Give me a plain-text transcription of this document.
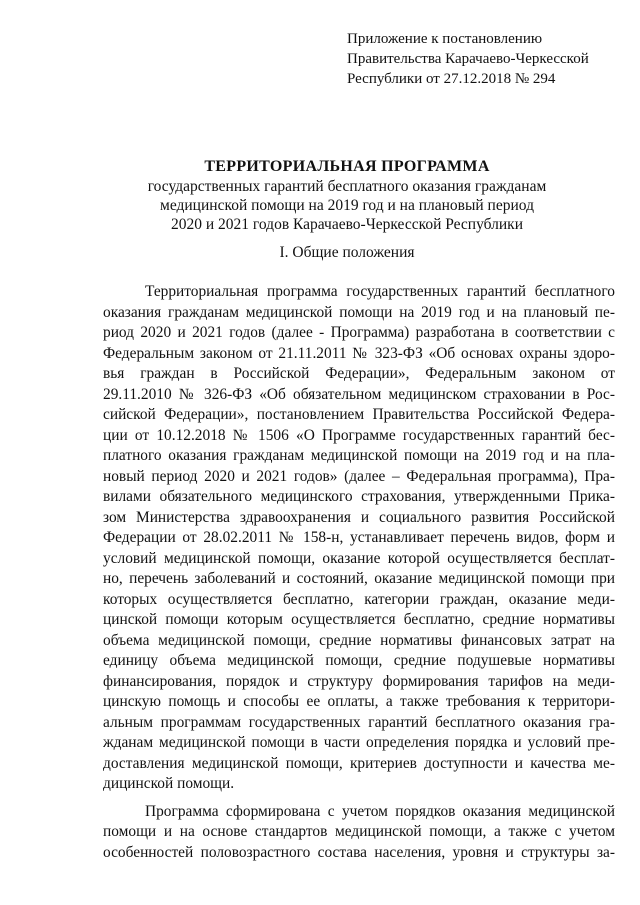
Приложение к постановлению
Правительства Карачаево-Черкесской
Республики от 27.12.2018 № 294
ТЕРРИТОРИАЛЬНАЯ ПРОГРАММА
государственных гарантий бесплатного оказания гражданам
медицинской помощи на 2019 год и на плановый период
2020 и 2021 годов Карачаево-Черкесской Республики
I. Общие положения
Территориальная программа государственных гарантий бесплатного
оказания гражданам медицинской помощи на 2019 год и на плановый пе-
риод 2020 и 2021 годов (далее - Программа) разработана в соответствии с
Федеральным законом от 21.11.2011 № 323-ФЗ «Об основах охраны здоро-
вья граждан в Российской Федерации», Федеральным законом от
29.11.2010 № 326-ФЗ «Об обязательном медицинском страховании в Рос-
сийской Федерации», постановлением Правительства Российской Федера-
ции от 10.12.2018 № 1506 «О Программе государственных гарантий бес-
платного оказания гражданам медицинской помощи на 2019 год и на пла-
новый период 2020 и 2021 годов» (далее – Федеральная программа), Пра-
вилами обязательного медицинского страхования, утвержденными Прика-
зом Министерства здравоохранения и социального развития Российской
Федерации от 28.02.2011 № 158-н, устанавливает перечень видов, форм и
условий медицинской помощи, оказание которой осуществляется бесплат-
но, перечень заболеваний и состояний, оказание медицинской помощи при
которых осуществляется бесплатно, категории граждан, оказание меди-
цинской помощи которым осуществляется бесплатно, средние нормативы
объема медицинской помощи, средние нормативы финансовых затрат на
единицу объема медицинской помощи, средние подушевые нормативы
финансирования, порядок и структуру формирования тарифов на меди-
цинскую помощь и способы ее оплаты, а также требования к территори-
альным программам государственных гарантий бесплатного оказания гра-
жданам медицинской помощи в части определения порядка и условий пре-
доставления медицинской помощи, критериев доступности и качества ме-
дицинской помощи.
Программа сформирована с учетом порядков оказания медицинской
помощи и на основе стандартов медицинской помощи, а также с учетом
особенностей половозрастного состава населения, уровня и структуры за-
